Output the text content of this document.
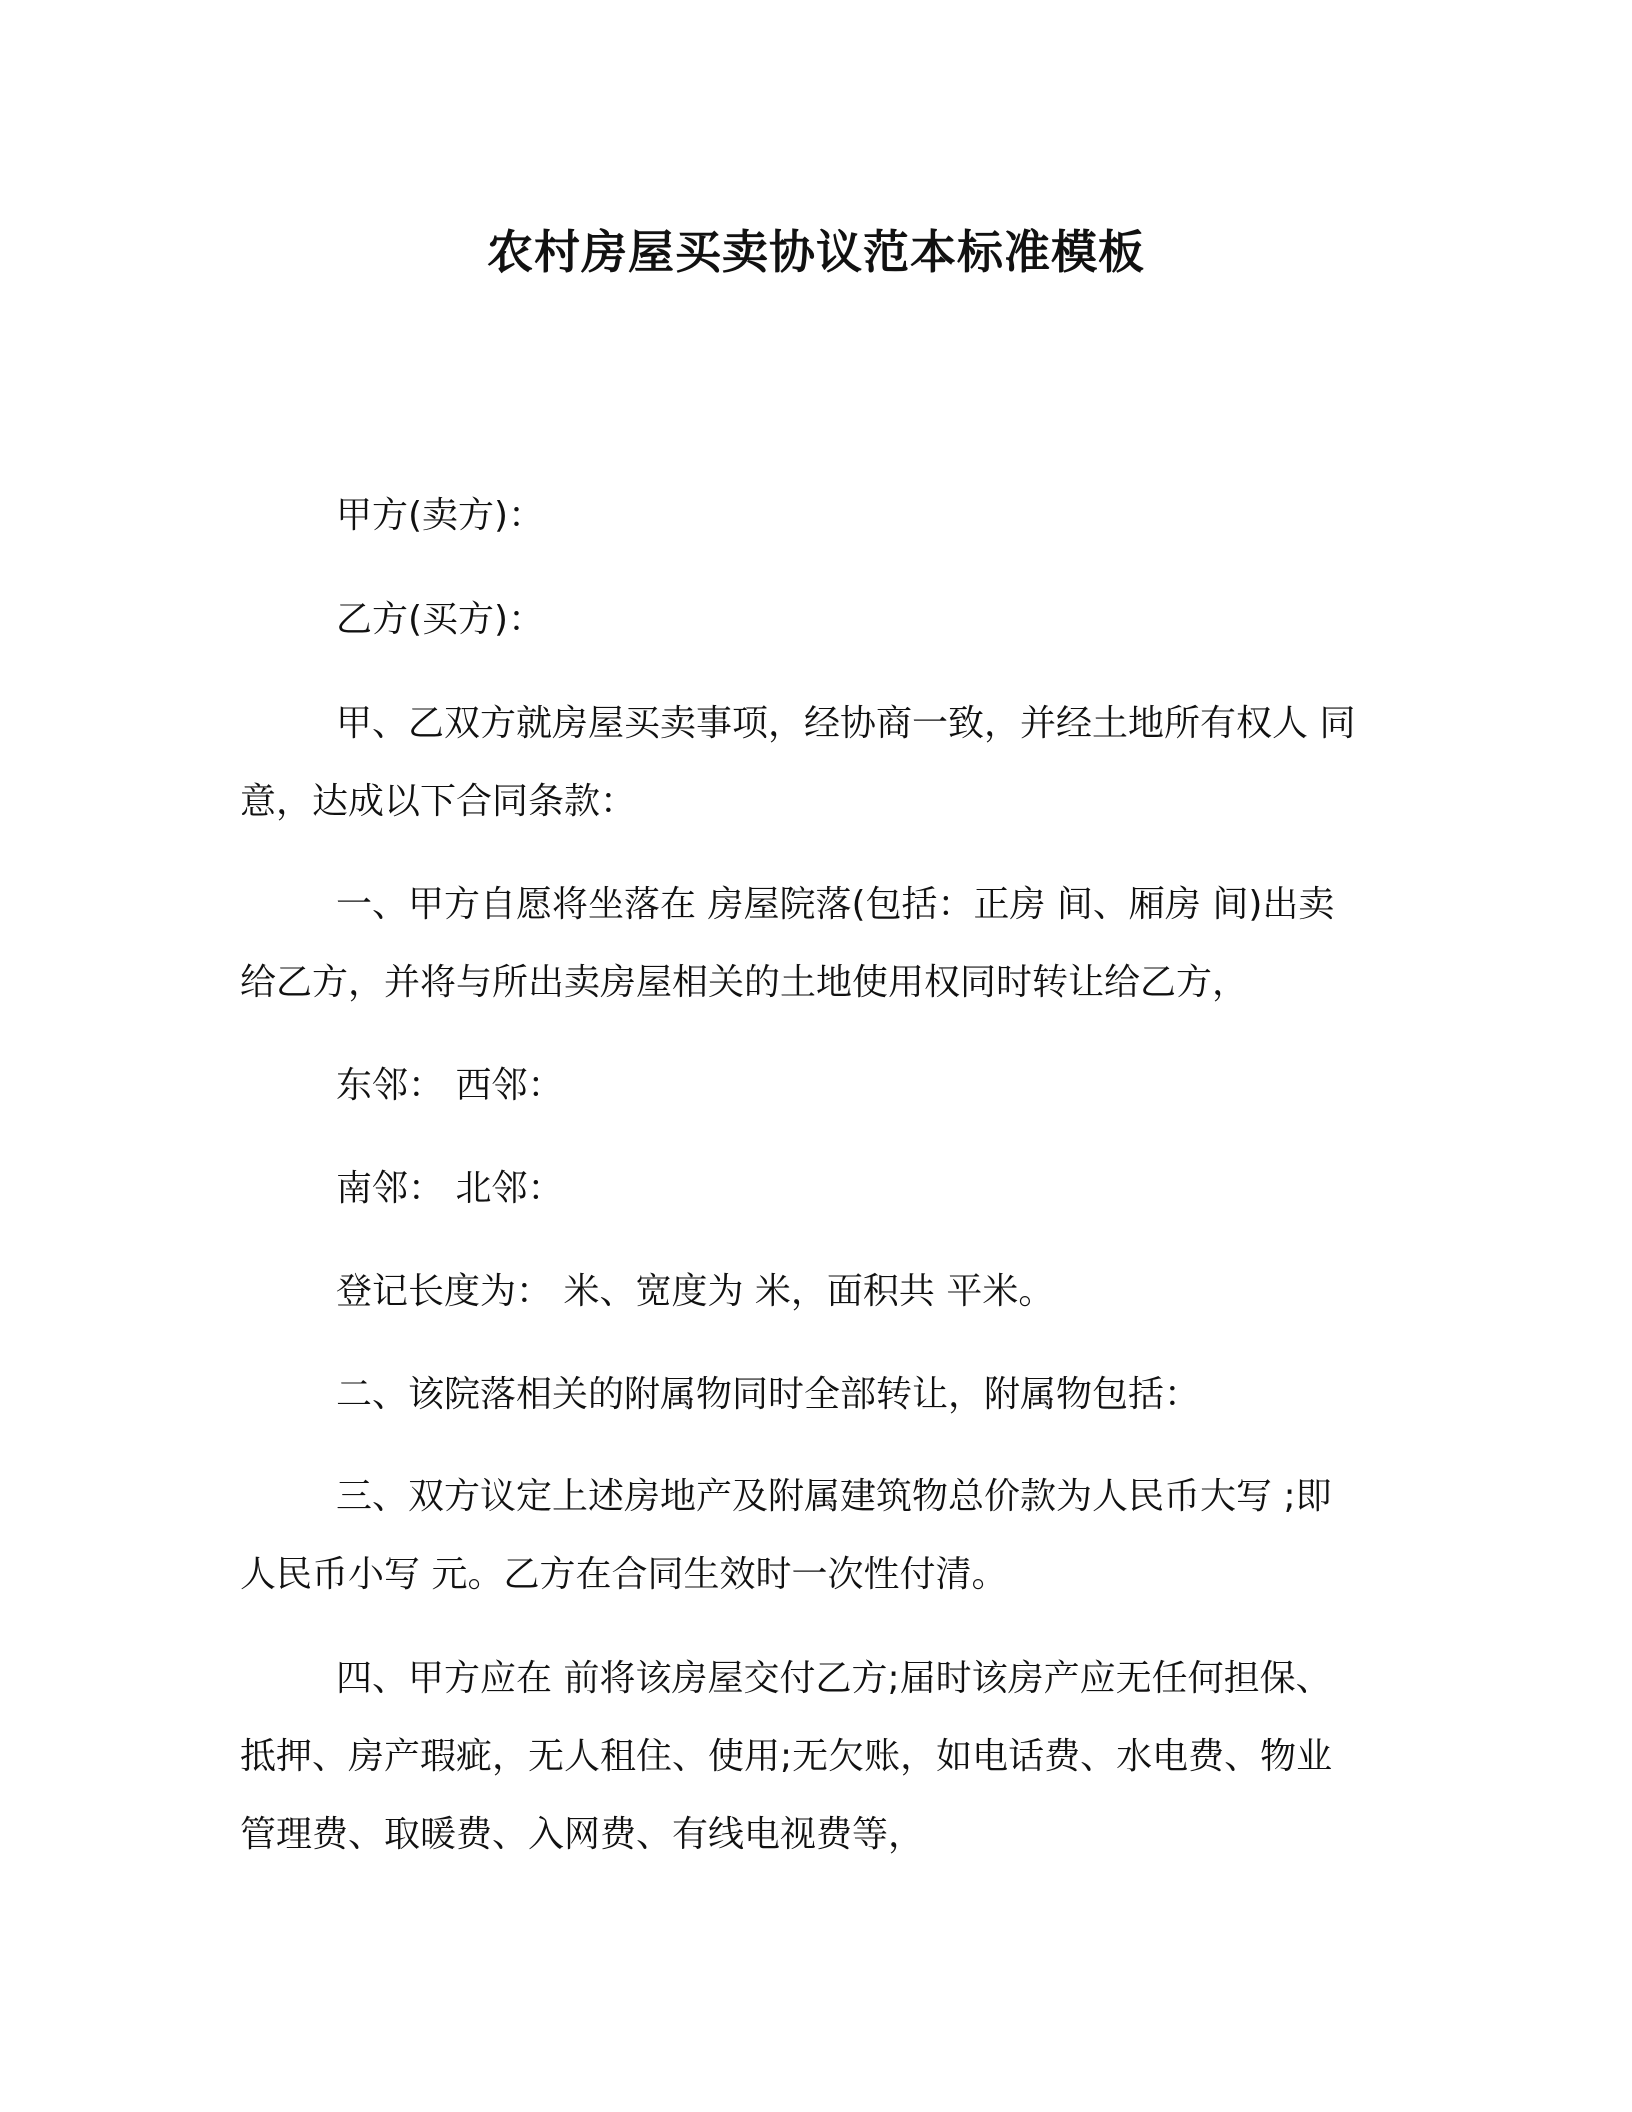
农村房屋买卖协议范本标准模板
甲方(卖方)：
乙方(买方)：
甲、乙双方就房屋买卖事项，经协商一致，并经土地所有权人 同
意，达成以下合同条款：
一、甲方自愿将坐落在 房屋院落(包括：正房 间、厢房 间)出卖
给乙方，并将与所出卖房屋相关的土地使用权同时转让给乙方，
东邻： 西邻：
南邻： 北邻：
登记长度为： 米、宽度为 米，面积共 平米。
二、该院落相关的附属物同时全部转让，附属物包括：
三、双方议定上述房地产及附属建筑物总价款为人民币大写 ;即
人民币小写 元。乙方在合同生效时一次性付清。
四、甲方应在 前将该房屋交付乙方;届时该房产应无任何担保、
抵押、房产瑕疵，无人租住、使用;无欠账，如电话费、水电费、物业
管理费、取暖费、入网费、有线电视费等，
